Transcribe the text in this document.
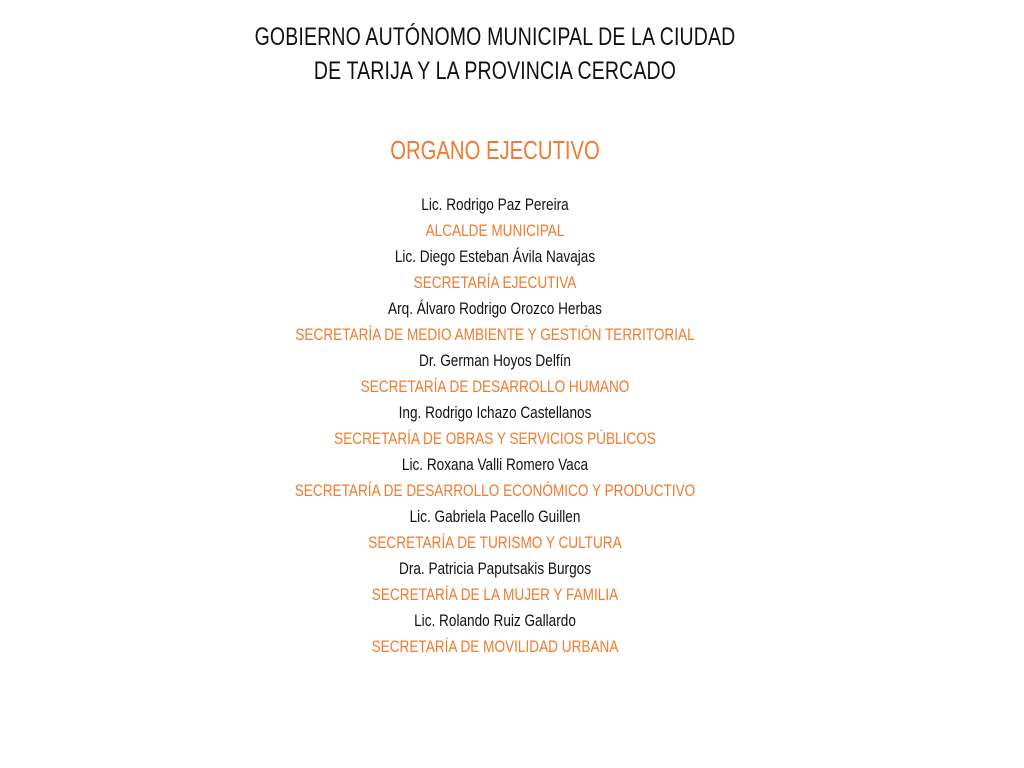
GOBIERNO AUTÓNOMO MUNICIPAL DE LA CIUDAD
DE TARIJA Y LA PROVINCIA CERCADO
ORGANO EJECUTIVO
Lic. Rodrigo Paz Pereira
ALCALDE MUNICIPAL
Lic. Diego Esteban Ávila Navajas
SECRETARÍA EJECUTIVA
Arq. Álvaro Rodrigo Orozco Herbas
SECRETARÍA DE MEDIO AMBIENTE Y GESTIÓN TERRITORIAL
Dr. German Hoyos Delfín
SECRETARÍA DE DESARROLLO HUMANO
Ing. Rodrigo Ichazo Castellanos
SECRETARÍA DE OBRAS Y SERVICIOS PÚBLICOS
Lic. Roxana Valli Romero Vaca
SECRETARÍA DE DESARROLLO ECONÓMICO Y PRODUCTIVO
Lic. Gabriela Pacello Guillen
SECRETARÍA DE TURISMO Y CULTURA
Dra. Patricia Paputsakis Burgos
SECRETARÍA DE LA MUJER Y FAMILIA
Lic. Rolando Ruiz Gallardo
SECRETARÍA DE MOVILIDAD URBANA
